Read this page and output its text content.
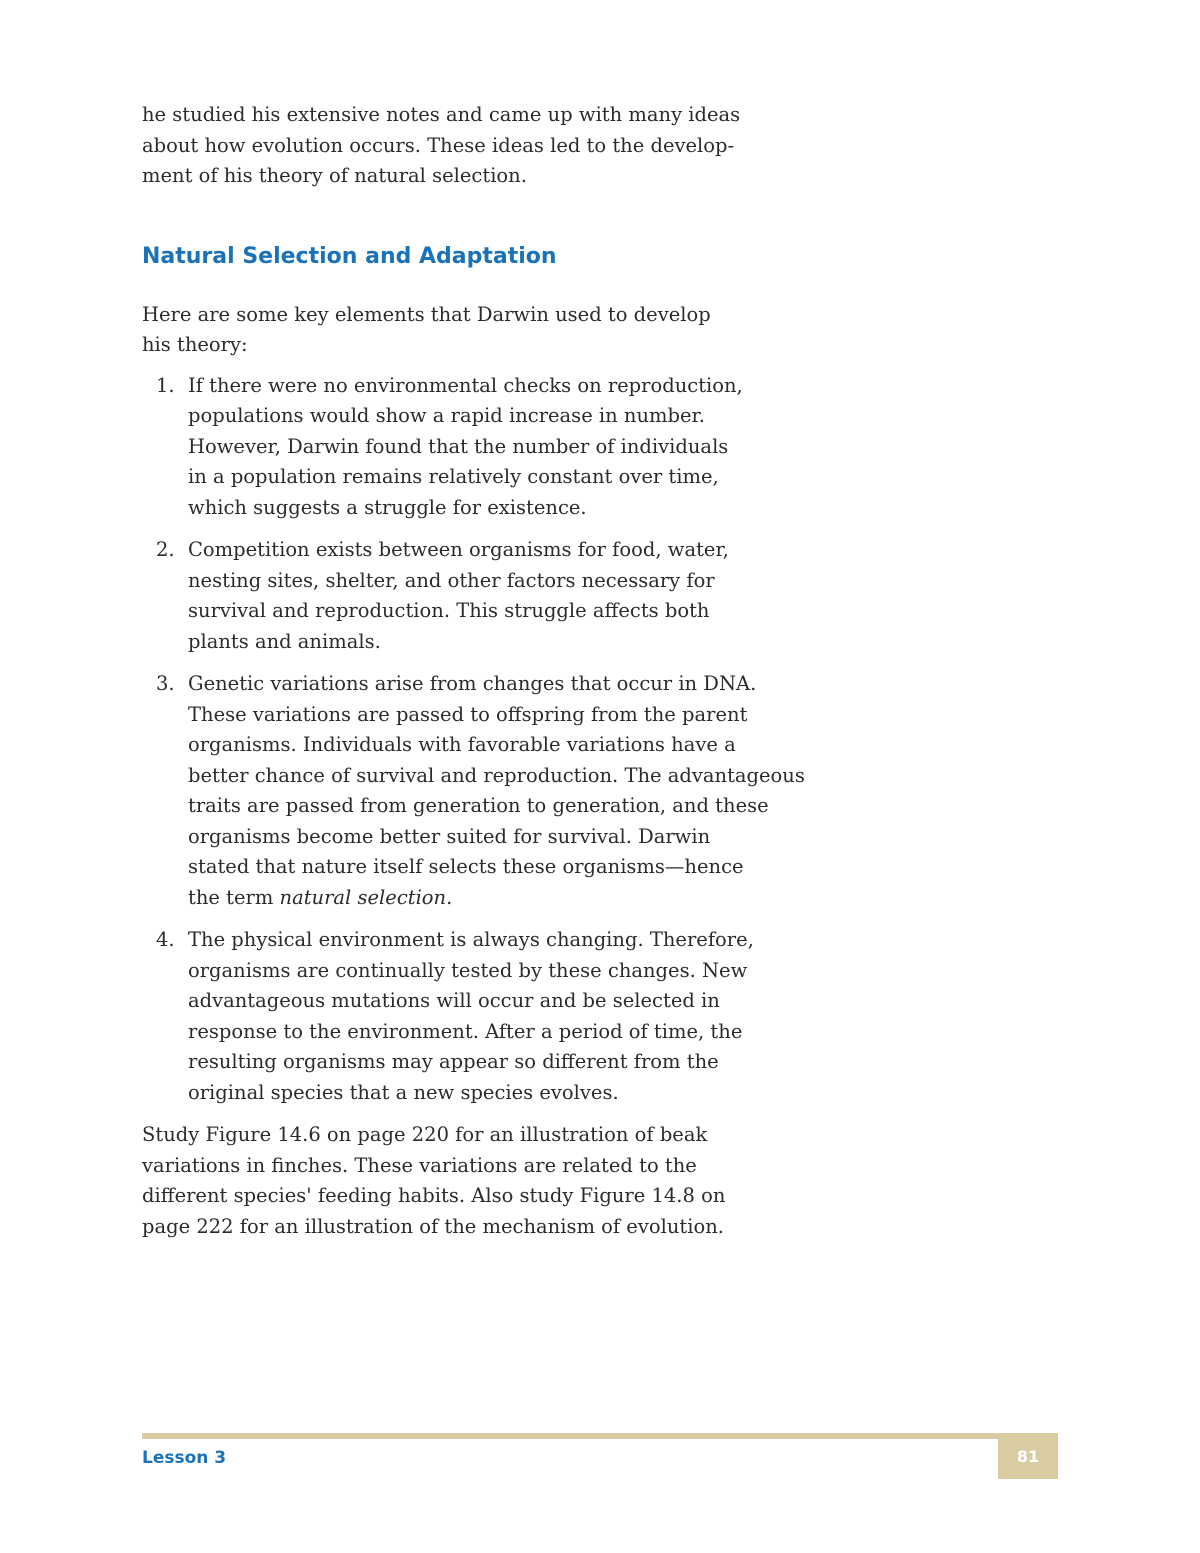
he studied his extensive notes and came up with many ideas
about how evolution occurs. These ideas led to the develop-
ment of his theory of natural selection.

Natural Selection and Adaptation

Here are some key elements that Darwin used to develop
his theory:

1. If there were no environmental checks on reproduction,
populations would show a rapid increase in number.
However, Darwin found that the number of individuals
in a population remains relatively constant over time,
which suggests a struggle for existence.
2. Competition exists between organisms for food, water,
nesting sites, shelter, and other factors necessary for
survival and reproduction. This struggle affects both
plants and animals.
3. Genetic variations arise from changes that occur in DNA.
These variations are passed to offspring from the parent
organisms. Individuals with favorable variations have a
better chance of survival and reproduction. The advantageous
traits are passed from generation to generation, and these
organisms become better suited for survival. Darwin
stated that nature itself selects these organisms—hence
the term natural selection.
4. The physical environment is always changing. Therefore,
organisms are continually tested by these changes. New
advantageous mutations will occur and be selected in
response to the environment. After a period of time, the
resulting organisms may appear so different from the
original species that a new species evolves.

Study Figure 14.6 on page 220 for an illustration of beak
variations in finches. These variations are related to the
different species' feeding habits. Also study Figure 14.8 on
page 222 for an illustration of the mechanism of evolution.

Lesson 3	81
